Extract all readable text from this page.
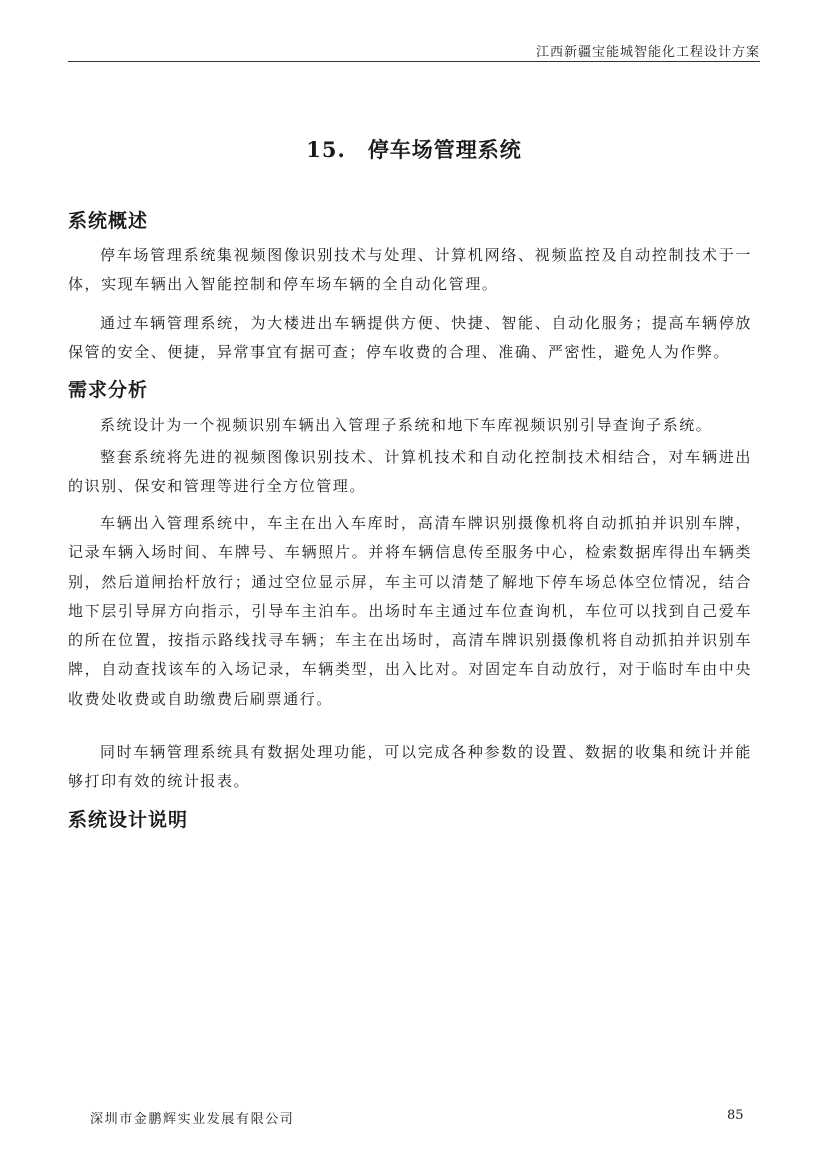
江西新疆宝能城智能化工程设计方案
15. 停车场管理系统
系统概述

停车场管理系统集视频图像识别技术与处理、计算机网络、视频监控及自动控制技术于一体，实现车辆出入智能控制和停车场车辆的全自动化管理。

通过车辆管理系统，为大楼进出车辆提供方便、快捷、智能、自动化服务；提高车辆停放保管的安全、便捷，异常事宜有据可查；停车收费的合理、准确、严密性，避免人为作弊。

需求分析

系统设计为一个视频识别车辆出入管理子系统和地下车库视频识别引导查询子系统。

整套系统将先进的视频图像识别技术、计算机技术和自动化控制技术相结合，对车辆进出的识别、保安和管理等进行全方位管理。

车辆出入管理系统中，车主在出入车库时，高清车牌识别摄像机将自动抓拍并识别车牌，记录车辆入场时间、车牌号、车辆照片。并将车辆信息传至服务中心，检索数据库得出车辆类别，然后道闸抬杆放行；通过空位显示屏，车主可以清楚了解地下停车场总体空位情况，结合地下层引导屏方向指示，引导车主泊车。出场时车主通过车位查询机，车位可以找到自己爱车的所在位置，按指示路线找寻车辆；车主在出场时，高清车牌识别摄像机将自动抓拍并识别车牌，自动查找该车的入场记录，车辆类型，出入比对。对固定车自动放行，对于临时车由中央收费处收费或自助缴费后刷票通行。

同时车辆管理系统具有数据处理功能，可以完成各种参数的设置、数据的收集和统计并能够打印有效的统计报表。

系统设计说明
深圳市金鹏辉实业发展有限公司	85
